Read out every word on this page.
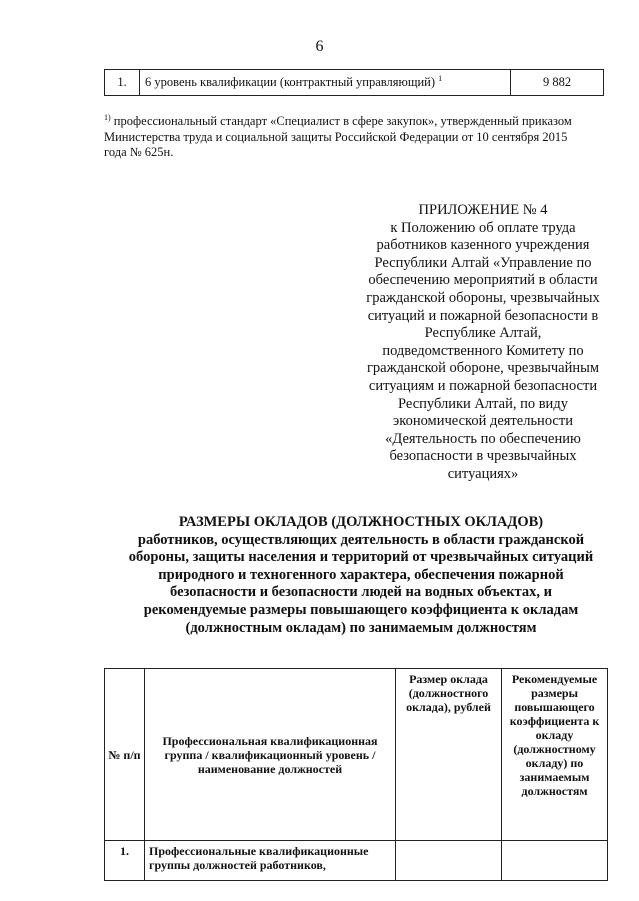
6
1.	6 уровень квалификации (контрактный управляющий) $^1$	9 882
$^{1)}$ профессиональный стандарт «Специалист в сфере закупок», утвержденный приказом
Министерства труда и социальной защиты Российской Федерации от 10 сентября 2015
года № 625н.
ПРИЛОЖЕНИЕ № 4
к Положению об оплате труда
работников казенного учреждения
Республики Алтай «Управление по
обеспечению мероприятий в области
гражданской обороны, чрезвычайных
ситуаций и пожарной безопасности в
Республике Алтай,
подведомственного Комитету по
гражданской обороне, чрезвычайным
ситуациям и пожарной безопасности
Республики Алтай, по виду
экономической деятельности
«Деятельность по обеспечению
безопасности в чрезвычайных
ситуациях»
РАЗМЕРЫ ОКЛАДОВ (ДОЛЖНОСТНЫХ ОКЛАДОВ)
работников, осуществляющих деятельность в области гражданской
обороны, защиты населения и территорий от чрезвычайных ситуаций
природного и техногенного характера, обеспечения пожарной
безопасности и безопасности людей на водных объектах, и
рекомендуемые размеры повышающего коэффициента к окладам
(должностным окладам) по занимаемым должностям
№ п/п	Профессиональная квалификационная группа / квалификационный уровень / наименование должностей	Размер оклада (должностного оклада), рублей	Рекомендуемые размеры повышающего коэффициента к окладу (должностному окладу) по занимаемым должностям
1.	Профессиональные квалификационные группы должностей работников,		
